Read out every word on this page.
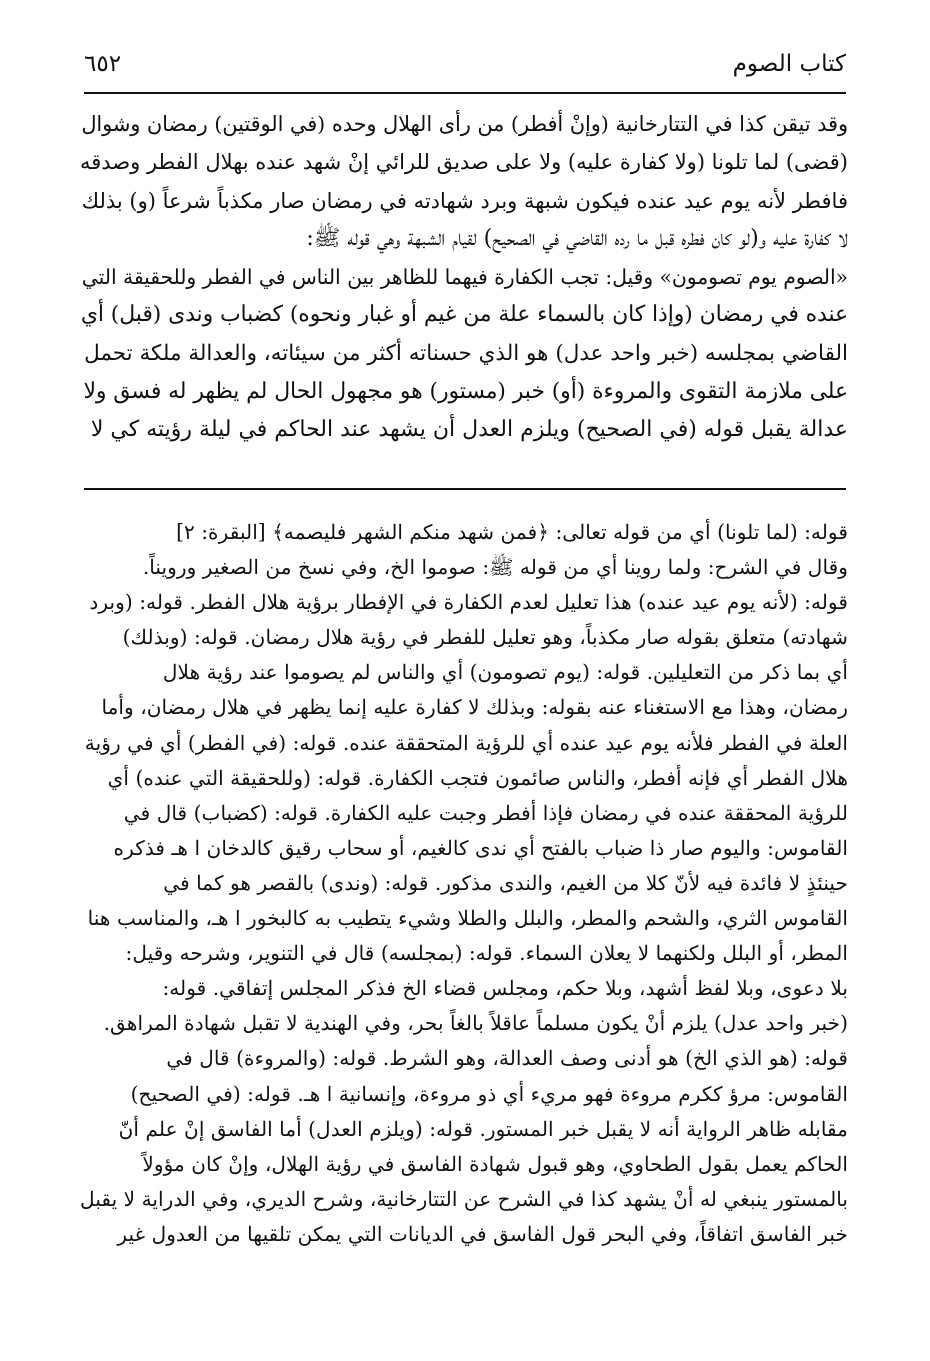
كتاب الصوم
٦٥٢
وقد تيقن كذا في التتارخانية (وإنْ أفطر) من رأى الهلال وحده (في الوقتين) رمضان وشوال
(قضى) لما تلونا (ولا كفارة عليه) ولا على صديق للرائي إنْ شهد عنده بهلال الفطر وصدقه
فافطر لأنه يوم عيد عنده فيكون شبهة وبرد شهادته في رمضان صار مكذباً شرعاً (و) بذلك
لا كفارة عليه و(لو كان فطره قبل ما رده القاضي في الصحيح) لقيام الشبهة وهي قوله ﷺ:
«الصوم يوم تصومون» وقيل: تجب الكفارة فيهما للظاهر بين الناس في الفطر وللحقيقة التي
عنده في رمضان (وإذا كان بالسماء علة من غيم أو غبار ونحوه) كضباب وندى (قبل) أي
القاضي بمجلسه (خبر واحد عدل) هو الذي حسناته أكثر من سيئاته، والعدالة ملكة تحمل
على ملازمة التقوى والمروءة (أو) خبر (مستور) هو مجهول الحال لم يظهر له فسق ولا
عدالة يقبل قوله (في الصحيح) ويلزم العدل أن يشهد عند الحاكم في ليلة رؤيته كي لا
قوله: (لما تلونا) أي من قوله تعالى: ﴿فمن شهد منكم الشهر فليصمه﴾ [البقرة: ٢]
وقال في الشرح: ولما روينا أي من قوله ﷺ: صوموا الخ، وفي نسخ من الصغير ورويناً.
قوله: (لأنه يوم عيد عنده) هذا تعليل لعدم الكفارة في الإفطار برؤية هلال الفطر. قوله: (وبرد
شهادته) متعلق بقوله صار مكذباً، وهو تعليل للفطر في رؤية هلال رمضان. قوله: (وبذلك)
أي بما ذكر من التعليلين. قوله: (يوم تصومون) أي والناس لم يصوموا عند رؤية هلال
رمضان، وهذا مع الاستغناء عنه بقوله: وبذلك لا كفارة عليه إنما يظهر في هلال رمضان، وأما
العلة في الفطر فلأنه يوم عيد عنده أي للرؤية المتحققة عنده. قوله: (في الفطر) أي في رؤية
هلال الفطر أي فإنه أفطر، والناس صائمون فتجب الكفارة. قوله: (وللحقيقة التي عنده) أي
للرؤية المحققة عنده في رمضان فإذا أفطر وجبت عليه الكفارة. قوله: (كضباب) قال في
القاموس: واليوم صار ذا ضباب بالفتح أي ندى كالغيم، أو سحاب رقيق كالدخان ا هـ فذكره
حينئذٍ لا فائدة فيه لأنّ كلا من الغيم، والندى مذكور. قوله: (وندى) بالقصر هو كما في
القاموس الثري، والشحم والمطر، والبلل والطلا وشيء يتطيب به كالبخور ا هـ، والمناسب هنا
المطر، أو البلل ولكنهما لا يعلان السماء. قوله: (بمجلسه) قال في التنوير، وشرحه وقيل:
بلا دعوى، وبلا لفظ أشهد، وبلا حكم، ومجلس قضاء الخ فذكر المجلس إتفاقي. قوله:
(خبر واحد عدل) يلزم أنْ يكون مسلماً عاقلاً بالغاً بحر، وفي الهندية لا تقبل شهادة المراهق.
قوله: (هو الذي الخ) هو أدنى وصف العدالة، وهو الشرط. قوله: (والمروءة) قال في
القاموس: مرؤ ككرم مروءة فهو مريء أي ذو مروءة، وإنسانية ا هـ. قوله: (في الصحيح)
مقابله ظاهر الرواية أنه لا يقبل خبر المستور. قوله: (ويلزم العدل) أما الفاسق إنْ علم أنّ
الحاكم يعمل بقول الطحاوي، وهو قبول شهادة الفاسق في رؤية الهلال، وإنْ كان مؤولاً
بالمستور ينبغي له أنْ يشهد كذا في الشرح عن التتارخانية، وشرح الديري، وفي الدراية لا يقبل
خبر الفاسق اتفاقاً، وفي البحر قول الفاسق في الديانات التي يمكن تلقيها من العدول غير
